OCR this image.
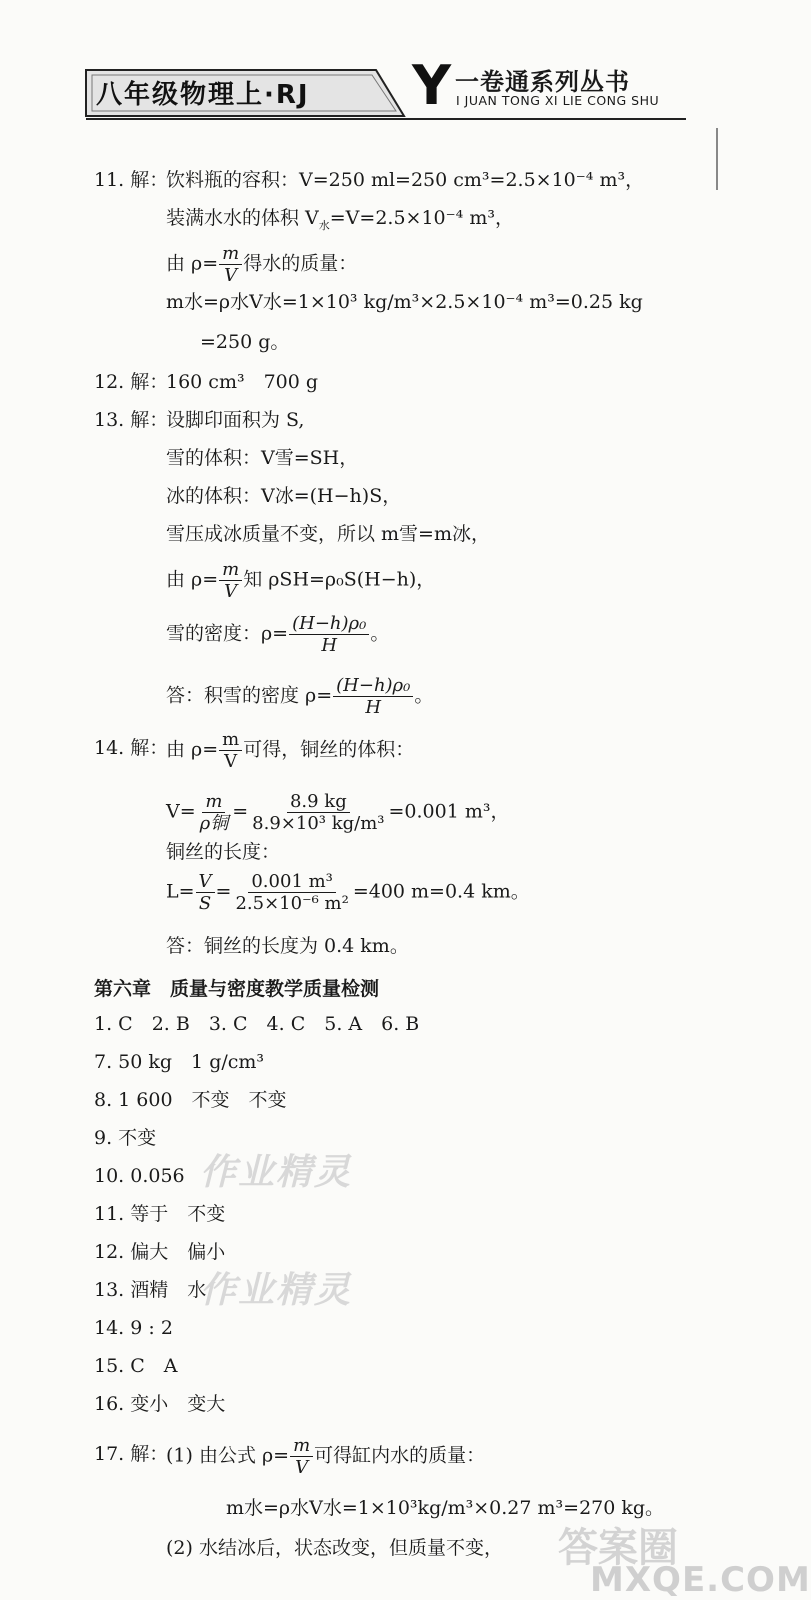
八年级物理上·RJ Y 一卷通系列丛书
I JUAN TONG XI LIE CONG SHU
11. 解：
饮料瓶的容积：V=250 ml=250 cm³=2.5×10⁻⁴ m³，
装满水水的体积 $V_水=V=2.5\times 10^{-4}$ m³，
由 $\rho= \frac{m}{V}$ 得水的质量：
m水=ρ水V水=1×10³ kg/m³×2.5×10⁻⁴ m³=0.25 kg
=250 g。
12. 解：
160 cm³　700 g
13. 解：
设脚印面积为 S,
雪的体积：V雪=SH，
冰的体积：V冰=(H−h)S，
雪压成冰质量不变，所以 m雪=m冰，
由 $\rho= \frac{m}{V}$ 知 ρSH=ρ₀S(H−h)，
雪的密度：$\rho= \frac{\text{(H−h)ρ₀}}{H}$ 。
答：积雪的密度 $\rho= \frac{\text{(H−h)ρ₀}}{H}$ 。
14. 解：
由 $\rho= \frac{m}{V}$ 可得，铜丝的体积：
$V= \frac{m}{\text{ρ铜}} = \frac{8.9 kg}{\text{8.9×10³ kg/m³}} =0.001$ m³，
铜丝的长度：
$L= \frac{V}{S} = \frac{\text{0.001 m³}}{\text{2.5×10⁻⁶ m²}} =400$ m=0.4 km。
答：铜丝的长度为 0.4 km。
第六章　质量与密度教学质量检测
1. C　2. B　3. C　4. C　5. A　6. B
7. 50 kg　1 g/cm³
8. 1 600　不变　不变
9. 不变
10. 0.056
11. 等于　不变
12. 偏大　偏小
13. 酒精　水
14. 9 : 2
15. C　A
16. 变小　变大
作业精灵
作业精灵
17. 解：
(1) 由公式 $\rho= \frac{m}{V}$ 可得缸内水的质量：
m水=ρ水V水=1×10³kg/m³×0.27 m³=270 kg。
(2) 水结冰后，状态改变，但质量不变， 答案圈
MXQE.COM
